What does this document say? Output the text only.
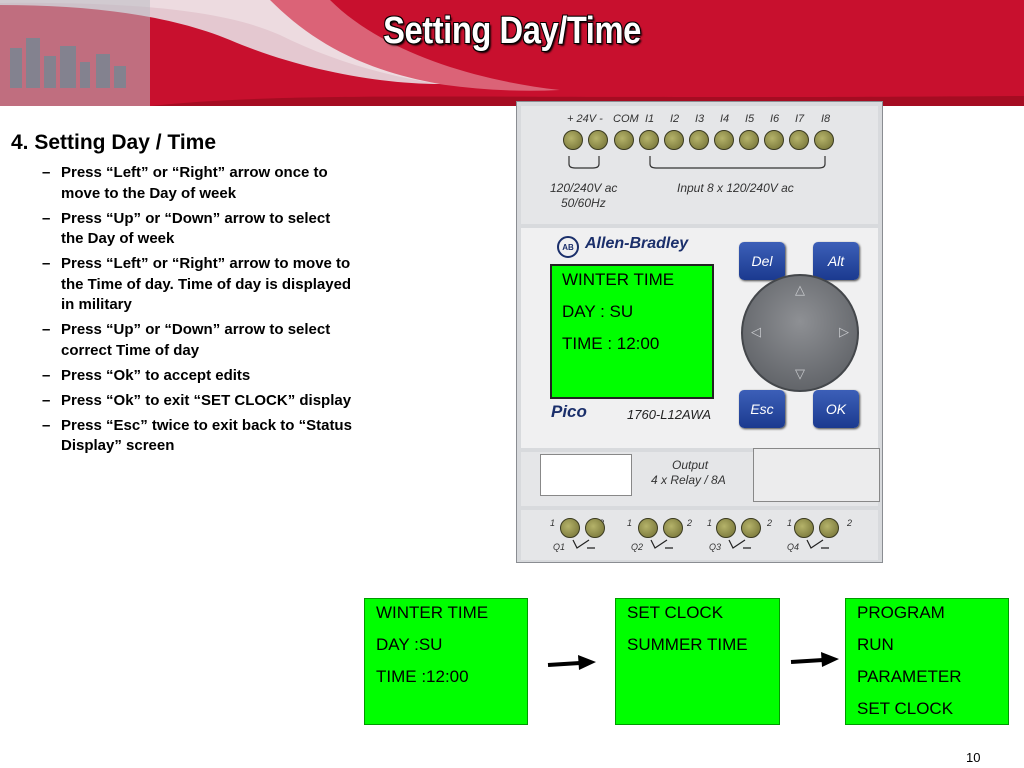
Setting Day/Time
4. Setting Day / Time
– Press “Left” or “Right” arrow once to move to the Day of week
– Press “Up” or “Down” arrow to select the Day of week
– Press “Left” or “Right” arrow to move to the Time of day. Time of day is displayed in military
– Press “Up” or “Down” arrow to select correct Time of day
– Press “Ok” to accept edits
– Press “Ok” to exit “SET CLOCK” display
– Press “Esc” twice to exit back to “Status Display” screen
+ 24V - COM I1 I2 I3 I4 I5 I6 I7 I8
120/240V ac
50/60Hz
Input 8 x 120/240V ac
AB Allen-Bradley
WINTER TIME
DAY : SU
TIME : 12:00
Del	Alt
Esc	OK
△
▽
◁	▷
Pico	1760-L12AWA
Output
4 x Relay / 8A
1	1	2 1	2 1	2
Q1	Q2	Q3	Q4
WINTER TIME
DAY :SU
TIME :12:00
SET CLOCK
SUMMER TIME
PROGRAM
RUN
PARAMETER
SET CLOCK
10
